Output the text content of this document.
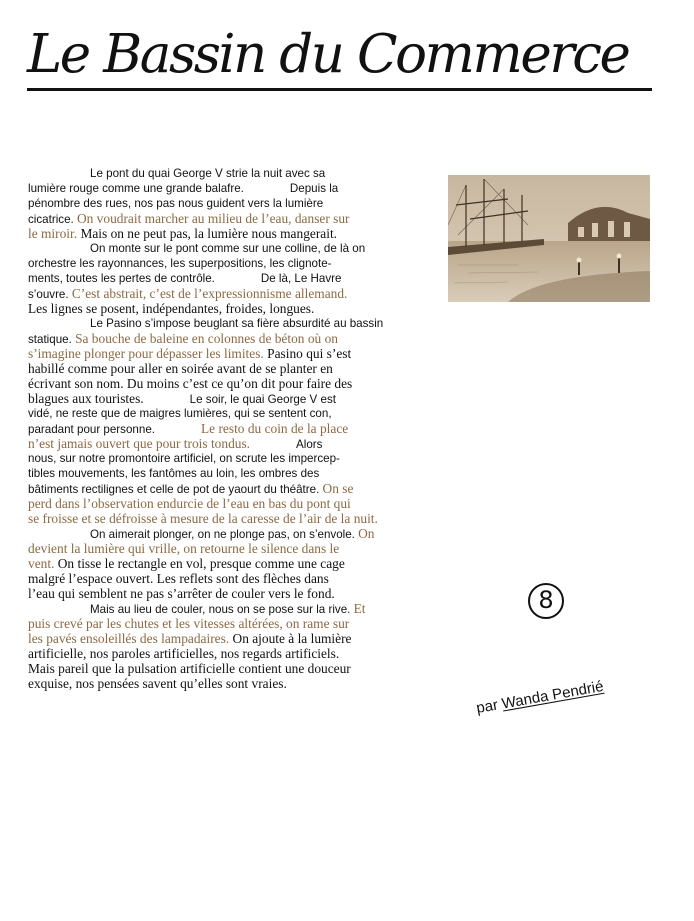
Le Bassin du Commerce
Le pont du quai George V strie la nuit avec sa
lumière rouge comme une grande balafre.	Depuis la
pénombre des rues, nos pas nous guident vers la lumière
cicatrice. On voudrait marcher au milieu de l’eau, danser sur
le miroir. Mais on ne peut pas, la lumière nous mangerait.
On monte sur le pont comme sur une colline, de là on
orchestre les rayonnances, les superpositions, les clignote-
ments, toutes les pertes de contrôle.	De là, Le Havre
s’ouvre. C’est abstrait, c’est de l’expressionnisme allemand.
Les lignes se posent, indépendantes, froides, longues.
Le Pasino s’impose beuglant sa fière absurdité au bassin
statique. Sa bouche de baleine en colonnes de béton où on
s’imagine plonger pour dépasser les limites. Pasino qui s’est
habillé comme pour aller en soirée avant de se planter en
écrivant son nom. Du moins c’est ce qu’on dit pour faire des
blagues aux touristes.	Le soir, le quai George V est
vidé, ne reste que de maigres lumières, qui se sentent con,
paradant pour personne.	Le resto du coin de la place
n’est jamais ouvert que pour trois tondus.	Alors
nous, sur notre promontoire artificiel, on scrute les impercep-
tibles mouvements, les fantômes au loin, les ombres des
bâtiments rectilignes et celle de pot de yaourt du théâtre. On se
perd dans l’observation endurcie de l’eau en bas du pont qui
se froisse et se défroisse à mesure de la caresse de l’air de la nuit.
On aimerait plonger, on ne plonge pas, on s’envole. On
devient la lumière qui vrille, on retourne le silence dans le
vent. On tisse le rectangle en vol, presque comme une cage
malgré l’espace ouvert. Les reflets sont des flèches dans
l’eau qui semblent ne pas s’arrêter de couler vers le fond.
Mais au lieu de couler, nous on se pose sur la rive. Et
puis crevé par les chutes et les vitesses altérées, on rame sur
les pavés ensoleillés des lampadaires. On ajoute à la lumière
artificielle, nos paroles artificielles, nos regards artificiels.
Mais pareil que la pulsation artificielle contient une douceur
exquise, nos pensées savent qu’elles sont vraies.
8
par Wanda Pendrié
